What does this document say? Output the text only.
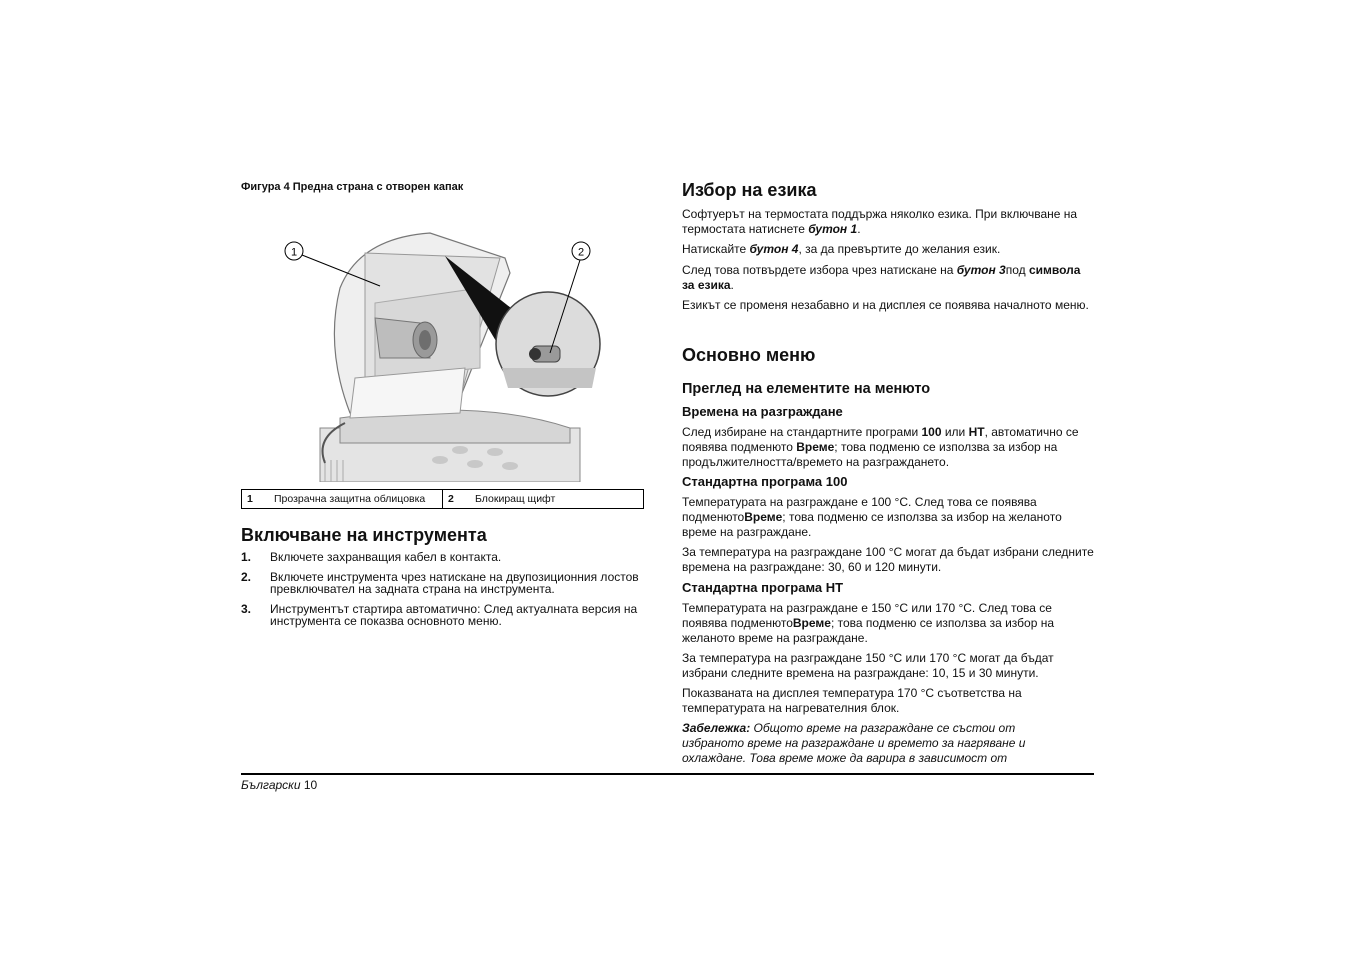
Фигура 4 Предна страна с отворен капак
1	2
1	Прозрачна защитна облицовка	2	Блокиращ щифт
Включване на инструмента
1.	Включете захранващия кабел в контакта.
2.	Включете инструмента чрез натискане на двупозиционния лостов превключвател на задната страна на инструмента.
3.	Инструментът стартира автоматично: След актуалната версия на инструмента се показва основното меню.
Избор на езика

Софтуерът на термостата поддържа няколко езика. При включване на термостата натиснете бутон 1.

Натискайте бутон 4, за да превъртите до желания език.

След това потвърдете избора чрез натискане на бутон 3под символа за езика.

Езикът се променя незабавно и на дисплея се появява началното меню.

Основно меню
Преглед на елементите на менюто
Времена на разграждане

След избиране на стандартните програми 100 или HT, автоматично се появява подменюто Време; това подменю се използва за избор на продължителността/времето на разграждането.

Стандартна програма 100

Температурата на разграждане е 100 °C. След това се появява подменютоВреме; това подменю се използва за избор на желаното време на разграждане.

За температура на разграждане 100 °C могат да бъдат избрани следните времена на разграждане: 30, 60 и 120 минути.

Стандартна програма HT

Температурата на разграждане е 150 °C или 170 °C. След това се появява подменютоВреме; това подменю се използва за избор на желаното време на разграждане.

За температура на разграждане 150 °C или 170 °C могат да бъдат избрани следните времена на разграждане: 10, 15 и 30 минути.

Показваната на дисплея температура 170 °C съответства на температурата на нагревателния блок.

Забележка: Общото време на разграждане се състои от избраното време на разграждане и времето за нагряване и охлаждане. Това време може да варира в зависимост от

Български 10
